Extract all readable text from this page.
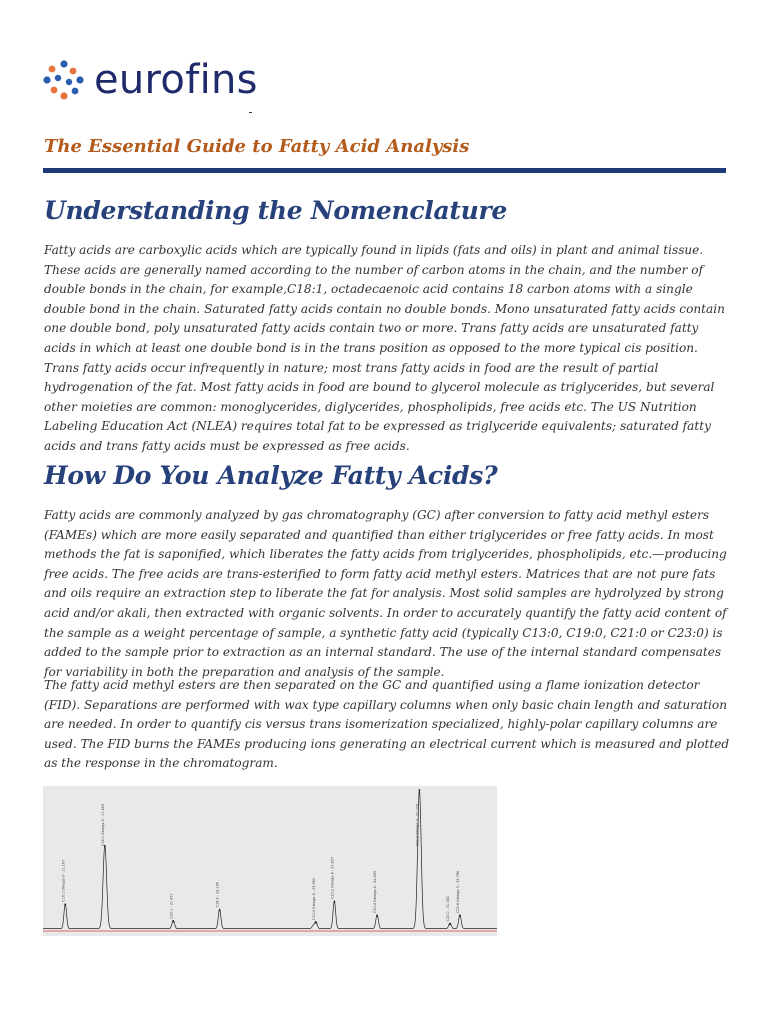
eurofins
The Essential Guide to Fatty Acid Analysis
Understanding the Nomenclature

Fatty acids are carboxylic acids which are typically found in lipids (fats and oils) in plant and animal tissue. These acids are generally named according to the number of carbon atoms in the chain, and the number of double bonds in the chain, for example,C18:1, octadecaenoic acid contains 18 carbon atoms with a single double bond in the chain. Saturated fatty acids contain no double bonds. Mono unsaturated fatty acids contain one double bond, poly unsaturated fatty acids contain two or more. Trans fatty acids are unsaturated fatty acids in which at least one double bond is in the trans position as opposed to the more typical cis position. Trans fatty acids occur infrequently in nature; most trans fatty acids in food are the result of partial hydrogenation of the fat. Most fatty acids in food are bound to glycerol molecule as triglycerides, but several other moieties are common: monoglycerides, diglycerides, phospholipids, free acids etc. The US Nutrition Labeling Education Act (NLEA) requires total fat to be expressed as triglyceride equivalents; saturated fatty acids and trans fatty acids must be expressed as free acids.

How Do You Analyze Fatty Acids?

Fatty acids are commonly analyzed by gas chromatography (GC) after conversion to fatty acid methyl esters (FAMEs) which are more easily separated and quantified than either triglycerides or free fatty acids. In most methods the fat is saponified, which liberates the fatty acids from triglycerides, phospholipids, etc.—producing free acids. The free acids are trans-esterified to form fatty acid methyl esters. Matrices that are not pure fats and oils require an extraction step to liberate the fat for analysis. Most solid samples are hydrolyzed by strong acid and/or akali, then extracted with organic solvents. In order to accurately quantify the fatty acid content of the sample as a weight percentage of sample, a synthetic fatty acid (typically C13:0, C19:0, C21:0 or C23:0) is added to the sample prior to extraction as an internal standard. The use of the internal standard compensates for variability in both the preparation and analysis of the sample.

The fatty acid methyl esters are then separated on the GC and quantified using a flame ionization detector (FID). Separations are performed with wax type capillary columns when only basic chain length and saturation are needed. In order to quantify cis versus trans isomerization specialized, highly-polar capillary columns are used. The FID burns the FAMEs producing ions generating an electrical current which is measured and plotted as the response in the chromatogram.

C16:1 Omega-9 - 11.167
C18:1 Omega-9 - 17.469
C20:1 - 21.471	C18:3 - 23.136	C20:3 Omega-6 - 25.960
C20:2 Omega-6 - 27.837	C20:4 Omega-6 - 32.469
C22:3 Omega-3 - 30.079
C22:0 - 31.082 C22:6 Omega-3 - 33.786
